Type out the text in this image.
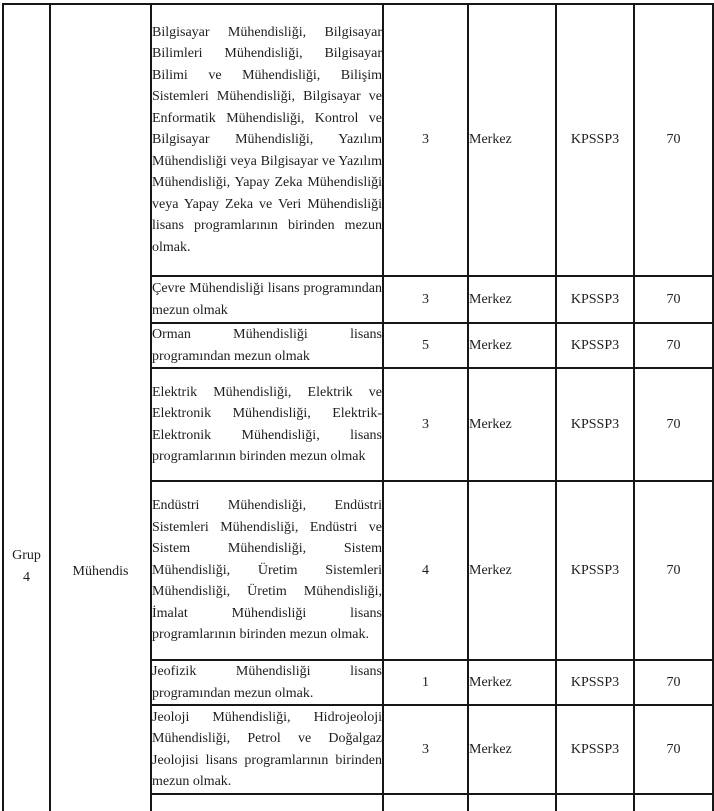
Grup
4	Mühendis	Bilgisayar Mühendisliği, Bilgisayar Bilimleri Mühendisliği, Bilgisayar Bilimi ve Mühendisliği, Bilişim Sistemleri Mühendisliği, Bilgisayar ve Enformatik Mühendisliği, Kontrol ve Bilgisayar Mühendisliği, Yazılım Mühendisliği veya Bilgisayar ve Yazılım Mühendisliği, Yapay Zeka Mühendisliği veya Yapay Zeka ve Veri Mühendisliği lisans programlarının birinden mezun olmak.	3	Merkez	KPSSP3	70
		Çevre Mühendisliği lisans programından mezun olmak	3	Merkez	KPSSP3	70
		Orman Mühendisliği lisans programından mezun olmak	5	Merkez	KPSSP3	70
		Elektrik Mühendisliği, Elektrik ve Elektronik Mühendisliği, Elektrik-Elektronik Mühendisliği, lisans programlarının birinden mezun olmak	3	Merkez	KPSSP3	70
		Endüstri Mühendisliği, Endüstri Sistemleri Mühendisliği, Endüstri ve Sistem Mühendisliği, Sistem Mühendisliği, Üretim Sistemleri Mühendisliği, Üretim Mühendisliği, İmalat Mühendisliği lisans programlarının birinden mezun olmak.	4	Merkez	KPSSP3	70
		Jeofizik Mühendisliği lisans programından mezun olmak.	1	Merkez	KPSSP3	70
		Jeoloji Mühendisliği, Hidrojeoloji Mühendisliği, Petrol ve Doğalgaz Jeolojisi lisans programlarının birinden mezun olmak.	3	Merkez	KPSSP3	70
